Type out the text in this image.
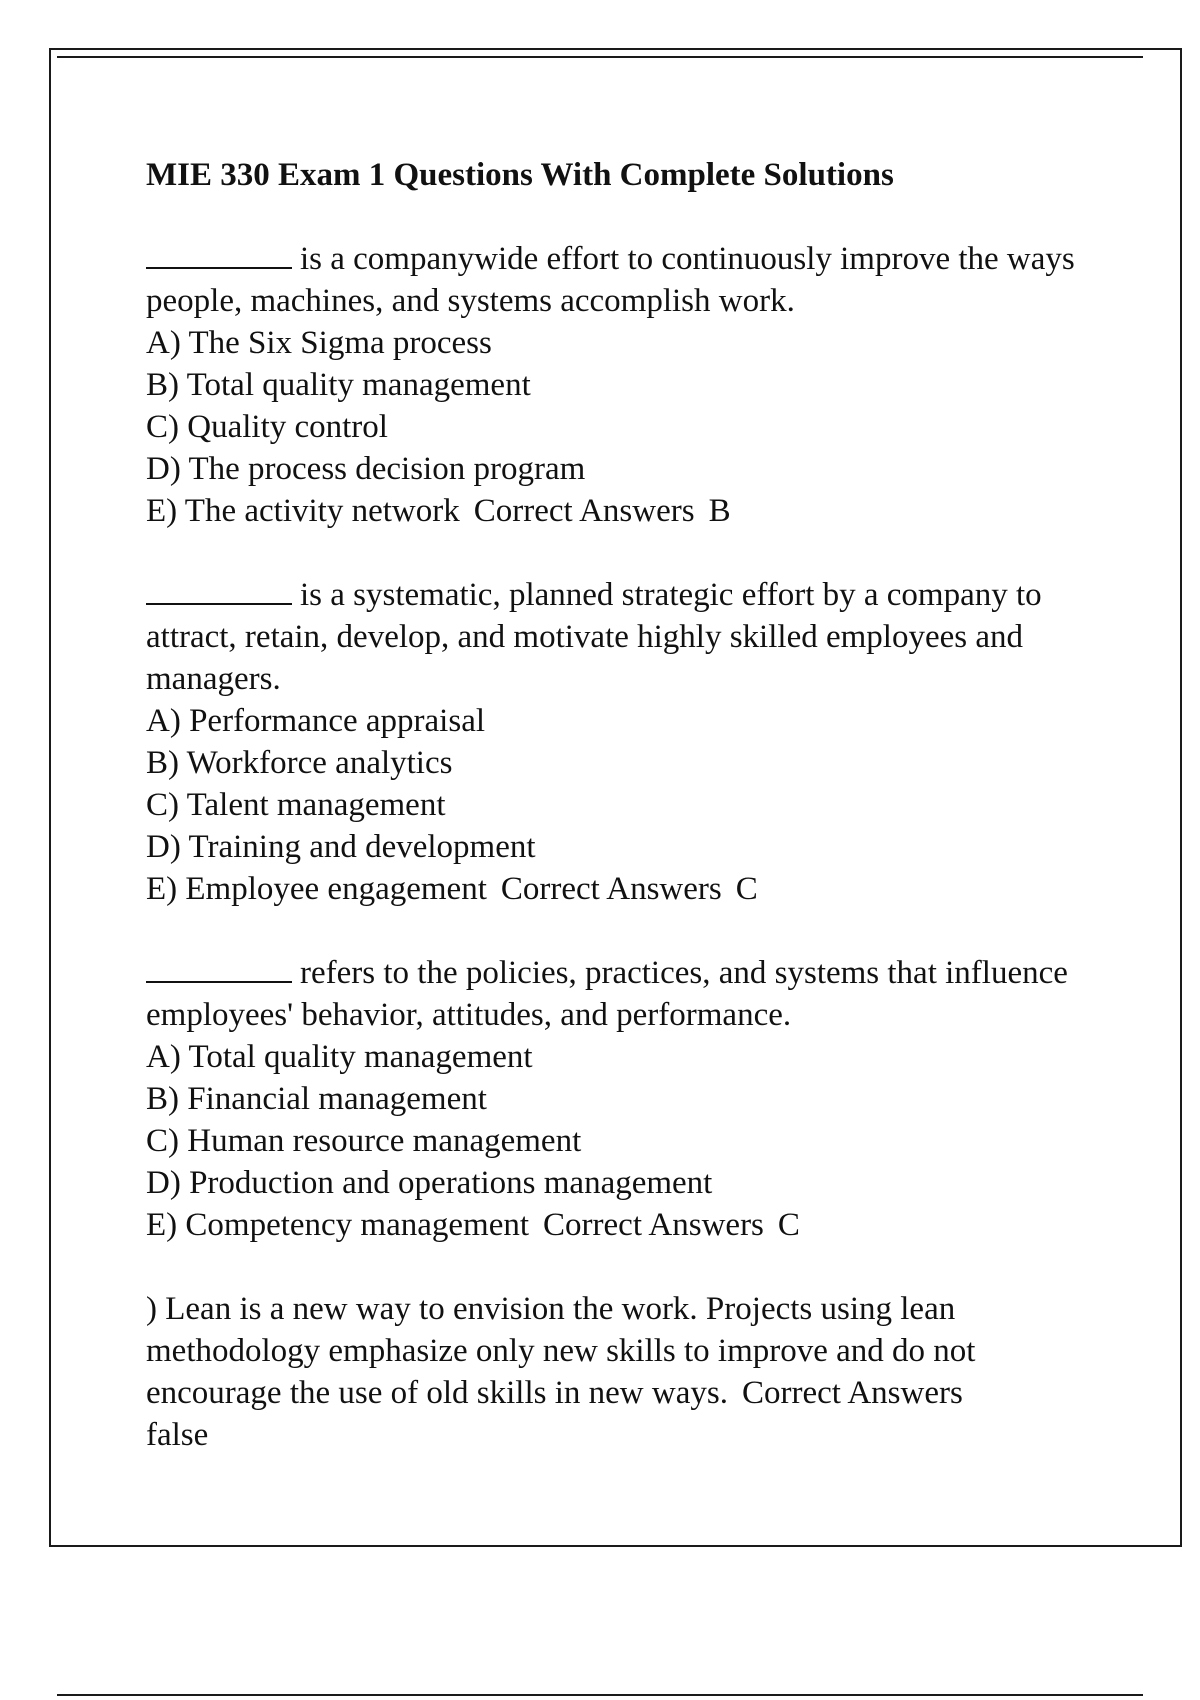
MIE 330 Exam 1 Questions With Complete Solutions
is a companywide effort to continuously improve the ways people, machines, and systems accomplish work.
A) The Six Sigma process
B) Total quality management
C) Quality control
D) The process decision program
E) The activity network Correct Answers B
is a systematic, planned strategic effort by a company to attract, retain, develop, and motivate highly skilled employees and managers.
A) Performance appraisal
B) Workforce analytics
C) Talent management
D) Training and development
E) Employee engagement Correct Answers C
refers to the policies, practices, and systems that influence employees' behavior, attitudes, and performance.
A) Total quality management
B) Financial management
C) Human resource management
D) Production and operations management
E) Competency management Correct Answers C
) Lean is a new way to envision the work. Projects using lean methodology emphasize only new skills to improve and do not encourage the use of old skills in new ways. Correct Answers
false
